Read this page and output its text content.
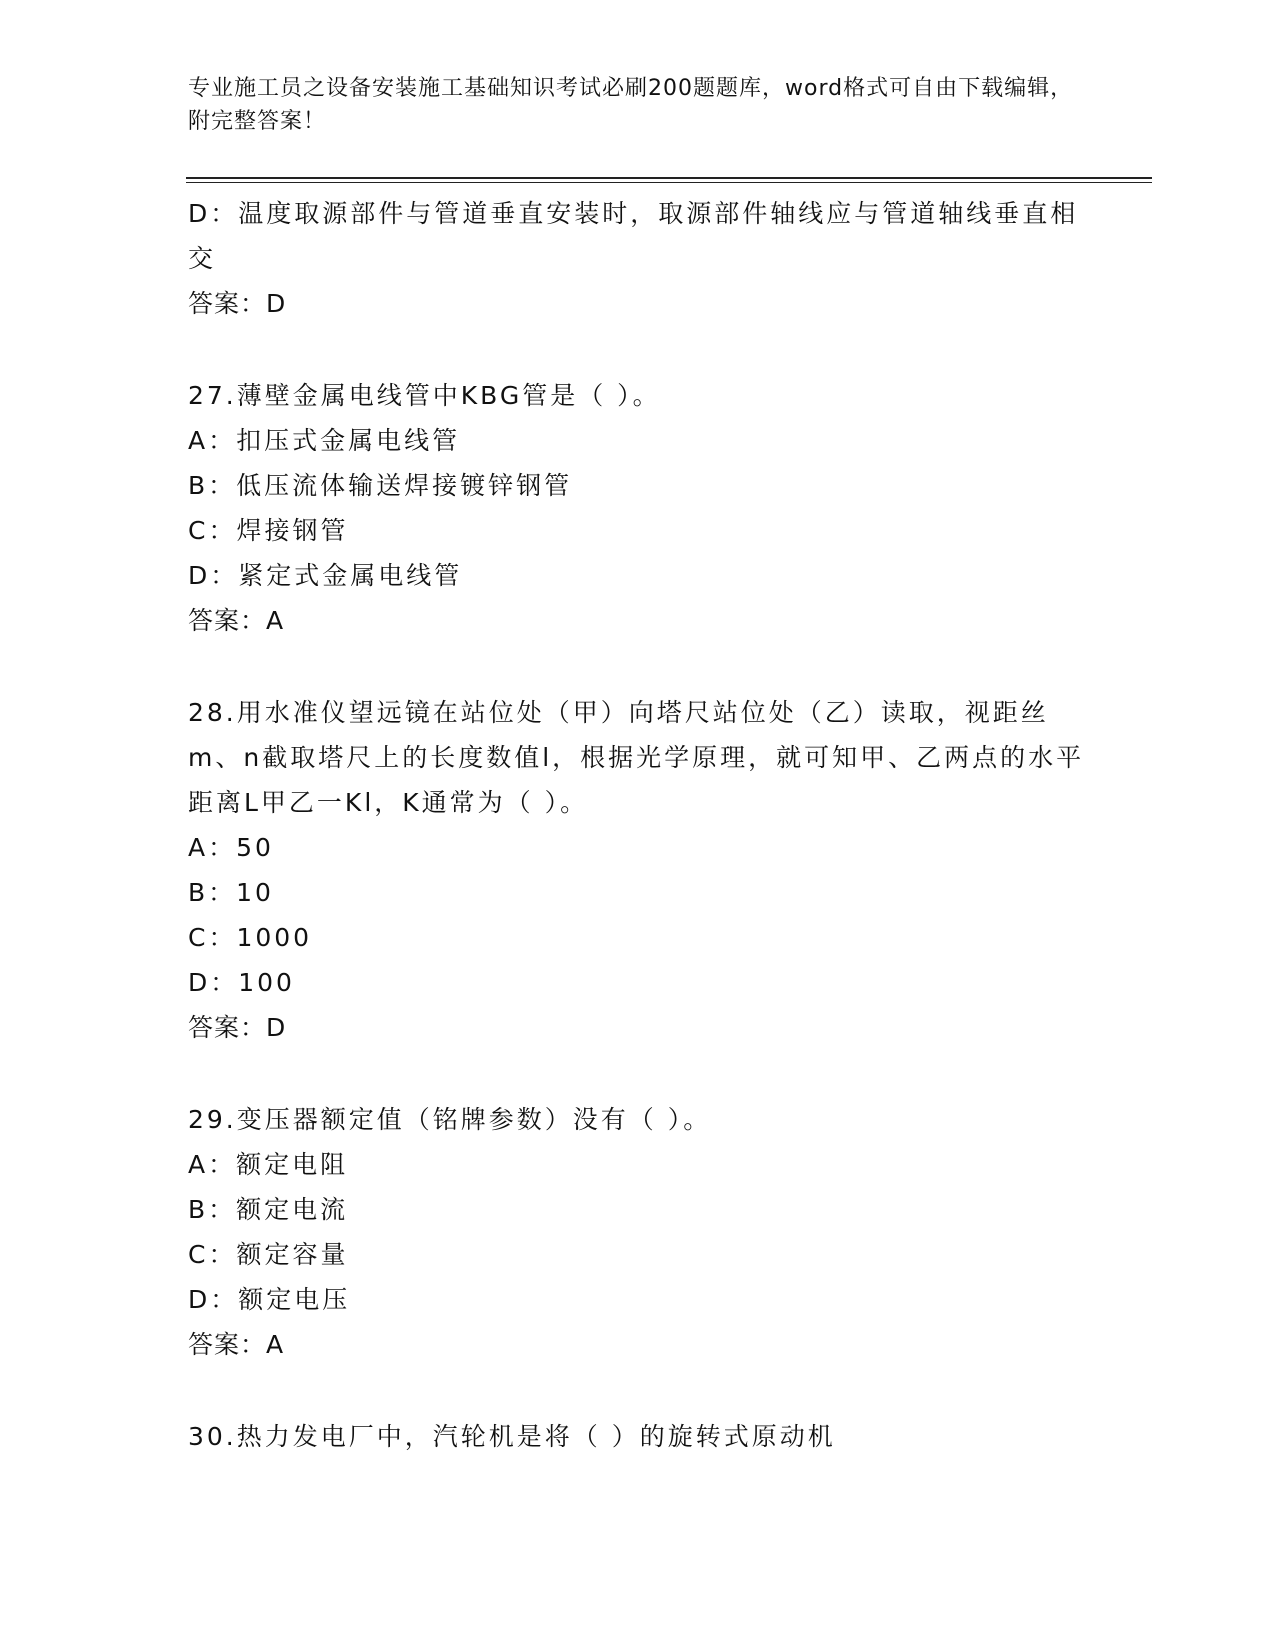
专业施工员之设备安装施工基础知识考试必刷200题题库，word格式可自由下载编辑，附完整答案！
D：温度取源部件与管道垂直安装时，取源部件轴线应与管道轴线垂直相交
答案：D
27.薄壁金属电线管中KBG管是（ ）。
A：扣压式金属电线管
B：低压流体输送焊接镀锌钢管
C：焊接钢管
D：紧定式金属电线管
答案：A
28.用水准仪望远镜在站位处（甲）向塔尺站位处（乙）读取，视距丝m、n截取塔尺上的长度数值l，根据光学原理，就可知甲、乙两点的水平距离L甲乙一Kl，K通常为（ ）。
A：50
B：10
C：1000
D：100
答案：D
29.变压器额定值（铭牌参数）没有（ ）。
A：额定电阻
B：额定电流
C：额定容量
D：额定电压
答案：A
30.热力发电厂中，汽轮机是将（ ）的旋转式原动机
